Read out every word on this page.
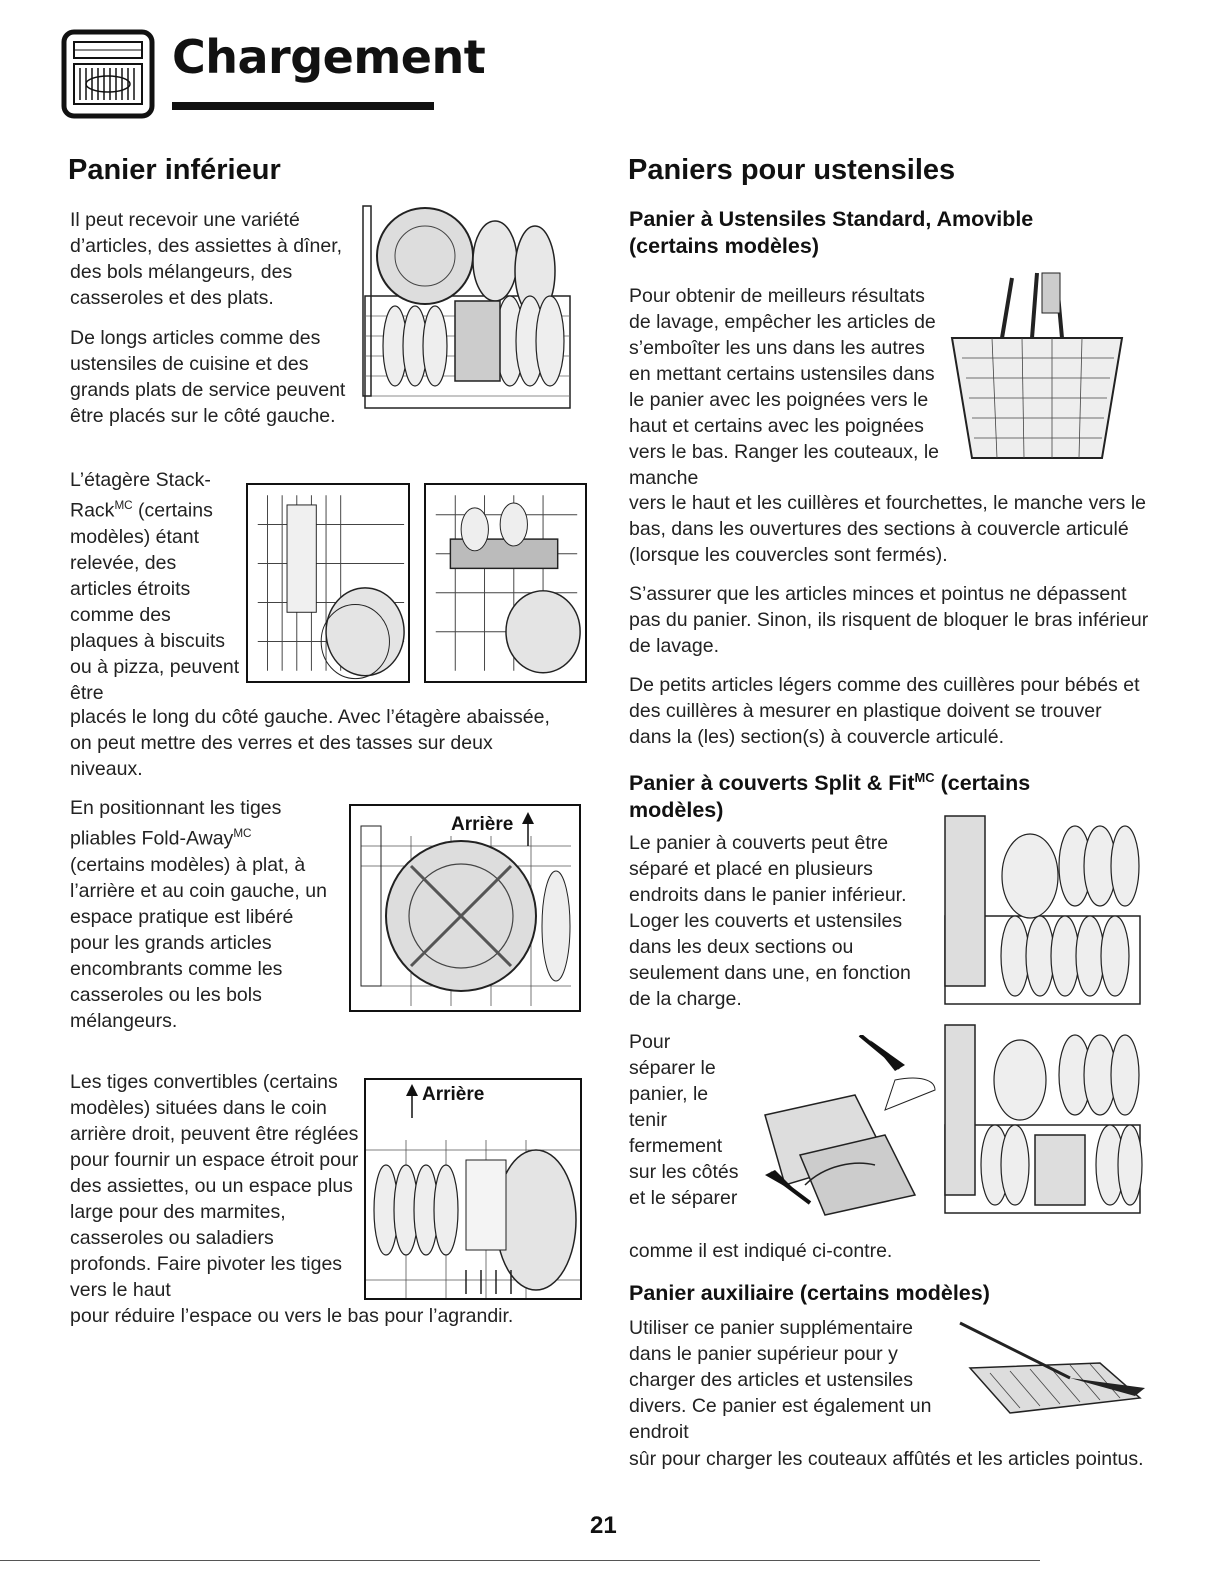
Chargement
Panier inférieur
Il peut recevoir une variété d’articles, des assiettes à dîner, des bols mélangeurs, des casseroles et des plats.
De longs articles comme des ustensiles de cuisine et des grands plats de service peuvent être placés sur le côté gauche.

L’étagère Stack-

Rack$^{MC}$ (certains

modèles) étant relevée, des articles étroits comme des plaques à biscuits ou à pizza, peuvent être

placés le long du côté gauche. Avec l’étagère abaissée, on peut mettre des verres et des tasses sur deux niveaux.
En positionnant les tiges pliables Fold-Away$^{MC}$ (certains modèles) à plat, à l’arrière et au coin gauche, un espace pratique est libéré pour les grands articles encombrants comme les casseroles ou les bols mélangeurs.
Arrière
Les tiges convertibles (certains modèles) situées dans le coin arrière droit, peuvent être réglées pour fournir un espace étroit pour des assiettes, ou un espace plus large pour des marmites, casseroles ou saladiers profonds. Faire pivoter les tiges vers le haut
pour réduire l’espace ou vers le bas pour l’agrandir.
Arrière
Paniers pour ustensiles
Panier à Ustensiles Standard, Amovible (certains modèles)
Pour obtenir de meilleurs résultats de lavage, empêcher les articles de s’emboîter les uns dans les autres en mettant certains ustensiles dans le panier avec les poignées vers le haut et certains avec les poignées vers le bas. Ranger les couteaux, le manche
vers le haut et les cuillères et fourchettes, le manche vers le bas, dans les ouvertures des sections à couvercle articulé (lorsque les couvercles sont fermés).
S’assurer que les articles minces et pointus ne dépassent pas du panier. Sinon, ils risquent de bloquer le bras inférieur de lavage.
De petits articles légers comme des cuillères pour bébés et des cuillères à mesurer en plastique doivent se trouver dans la (les) section(s) à couvercle articulé.
Panier à couverts Split & Fit$^{MC}$ (certains modèles)
Le panier à couverts peut être séparé et placé en plusieurs endroits dans le panier inférieur. Loger les couverts et ustensiles dans les deux sections ou seulement dans une, en fonction de la charge.
Pour séparer le panier, le tenir fermement sur les côtés et le séparer
comme il est indiqué ci-contre.
Panier auxiliaire (certains modèles)
Utiliser ce panier supplémentaire dans le panier supérieur pour y charger des articles et ustensiles divers. Ce panier est également un endroit
sûr pour charger les couteaux affûtés et les articles pointus.
21
